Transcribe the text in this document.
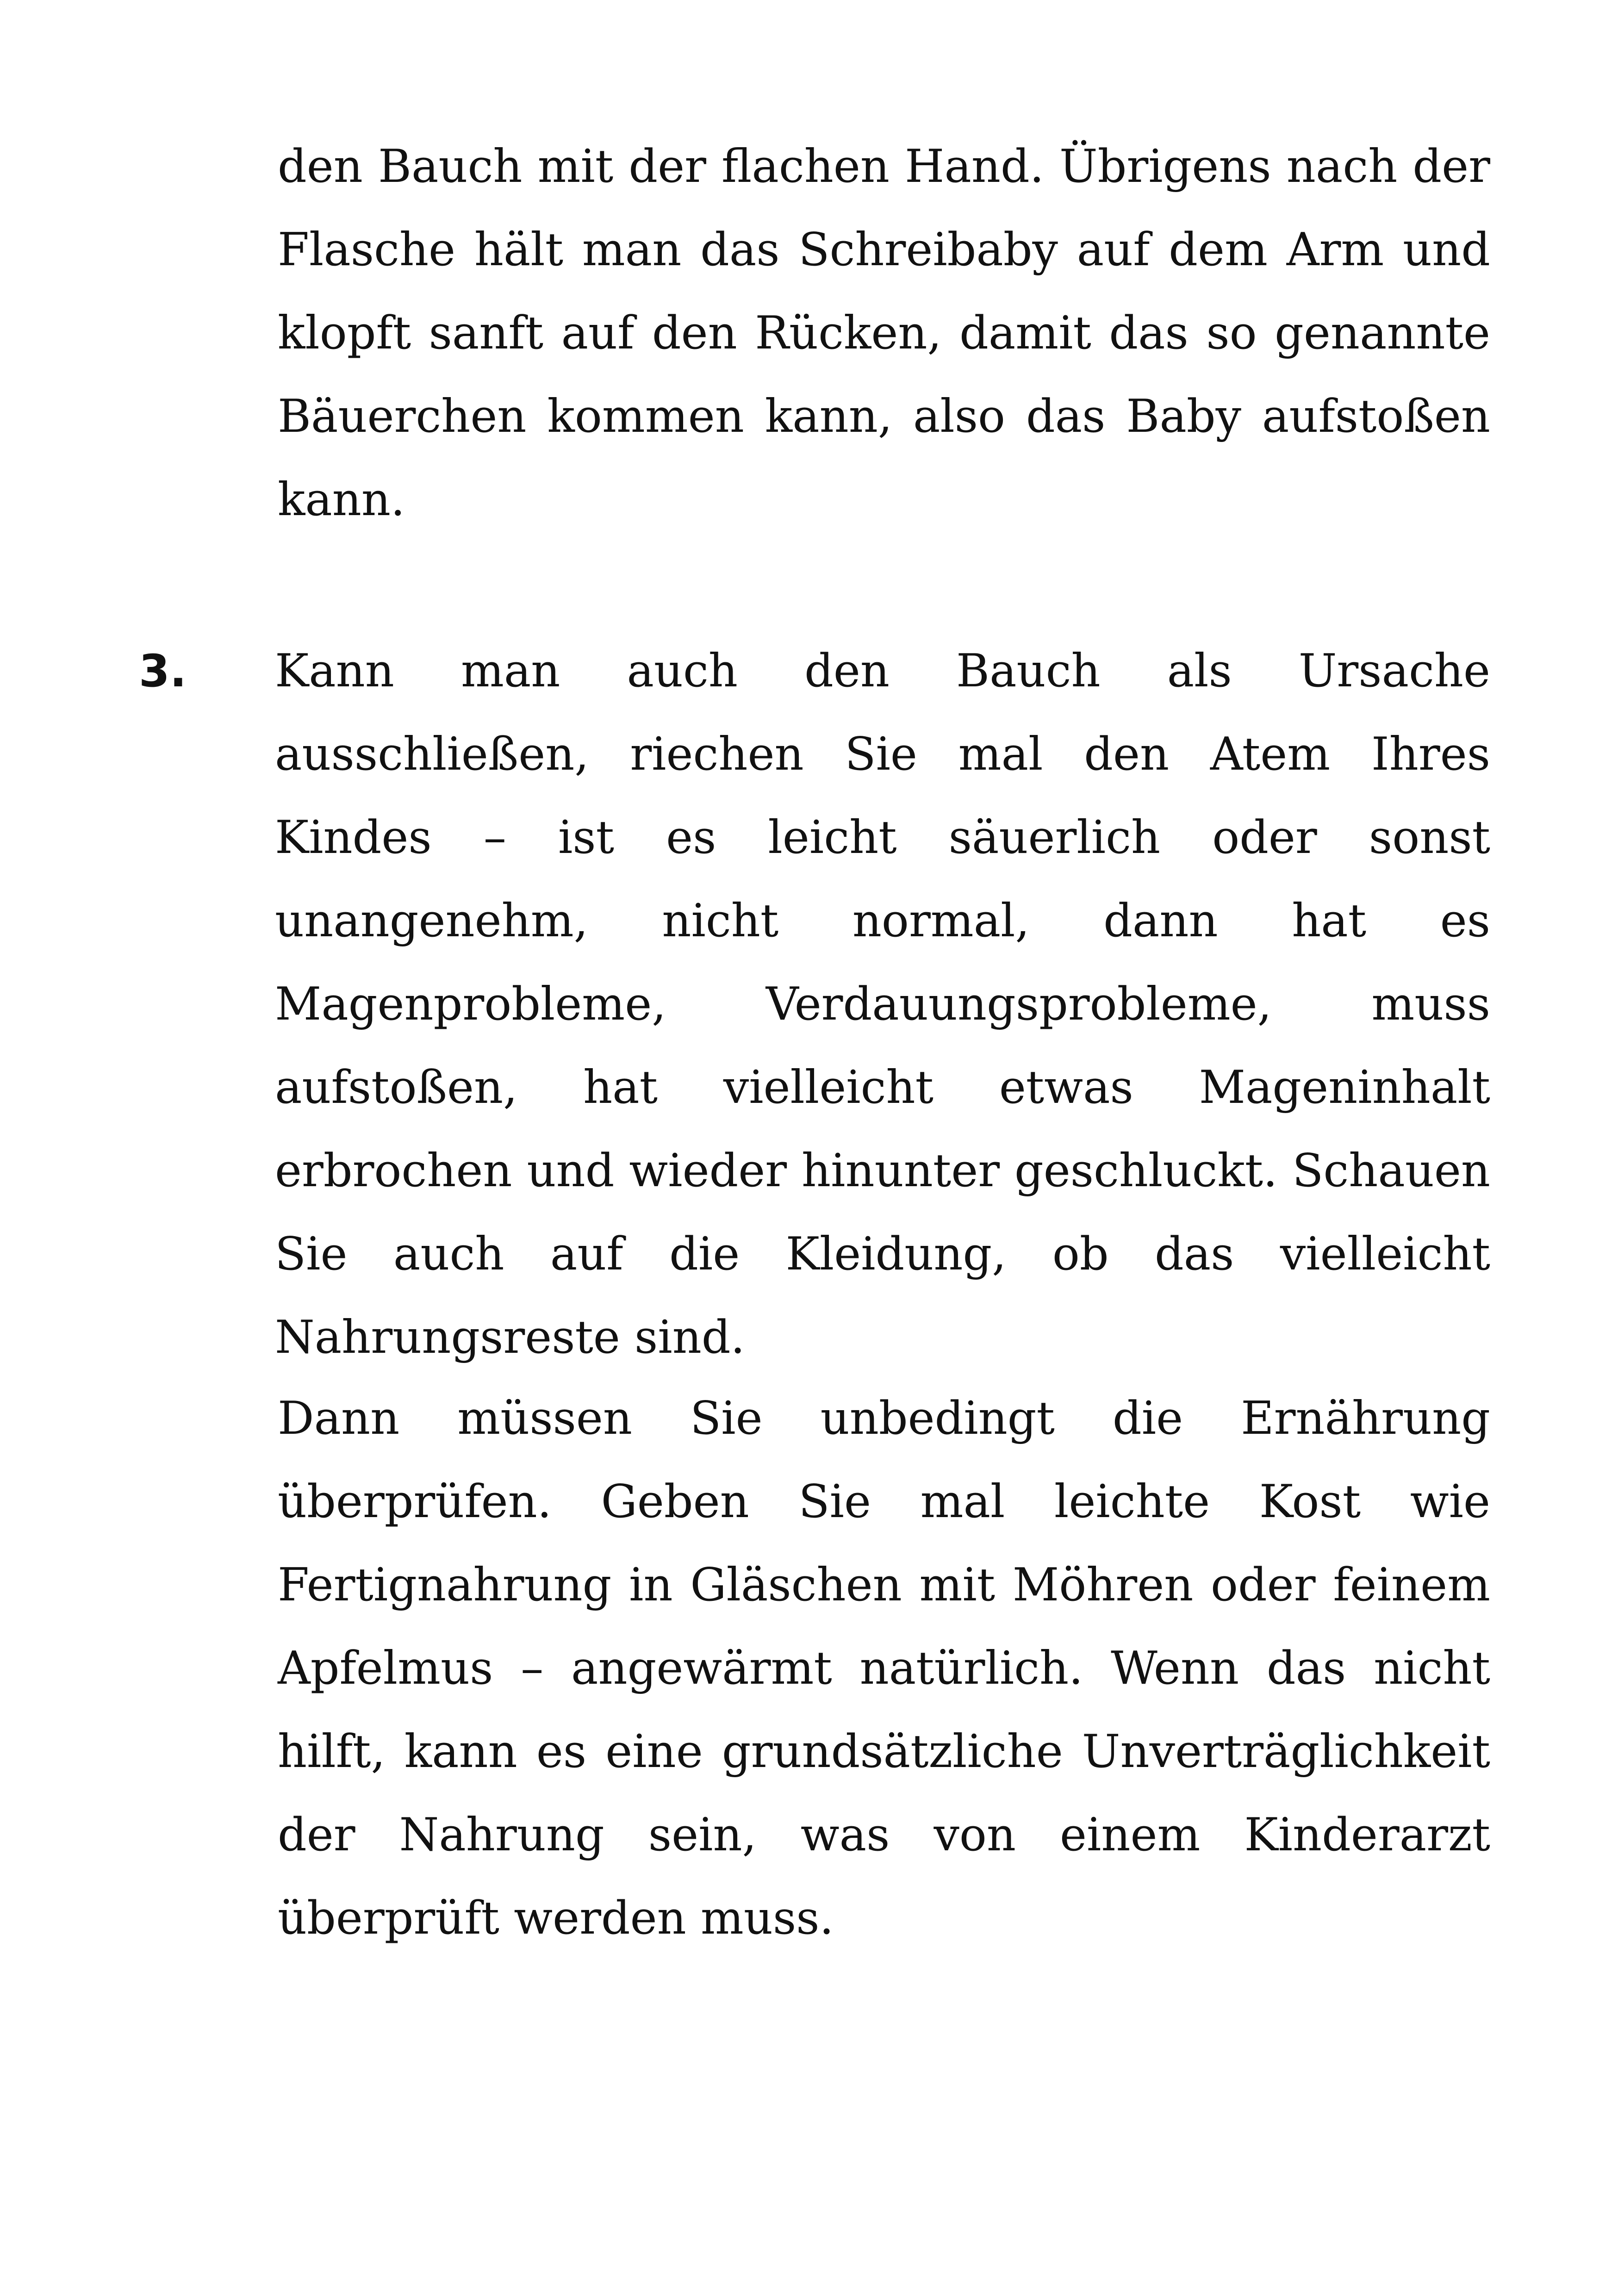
den Bauch mit der flachen Hand. Übrigens nach der Flasche hält man das Schreibaby auf dem Arm und klopft sanft auf den Rücken, damit das so genannte Bäuerchen kommen kann, also das Baby aufstoßen kann.

3. Kann man auch den Bauch als Ursache ausschließen, riechen Sie mal den Atem Ihres Kindes – ist es leicht säuerlich oder sonst unangenehm, nicht normal, dann hat es Magenprobleme, Verdauungsprobleme, muss aufstoßen, hat vielleicht etwas Mageninhalt erbrochen und wieder hinunter geschluckt. Schauen Sie auch auf die Kleidung, ob das vielleicht Nahrungsreste sind.

Dann müssen Sie unbedingt die Ernährung überprüfen. Geben Sie mal leichte Kost wie Fertignahrung in Gläschen mit Möhren oder feinem Apfelmus – angewärmt natürlich. Wenn das nicht hilft, kann es eine grundsätzliche Unverträglichkeit der Nahrung sein, was von einem Kinderarzt überprüft werden muss.
